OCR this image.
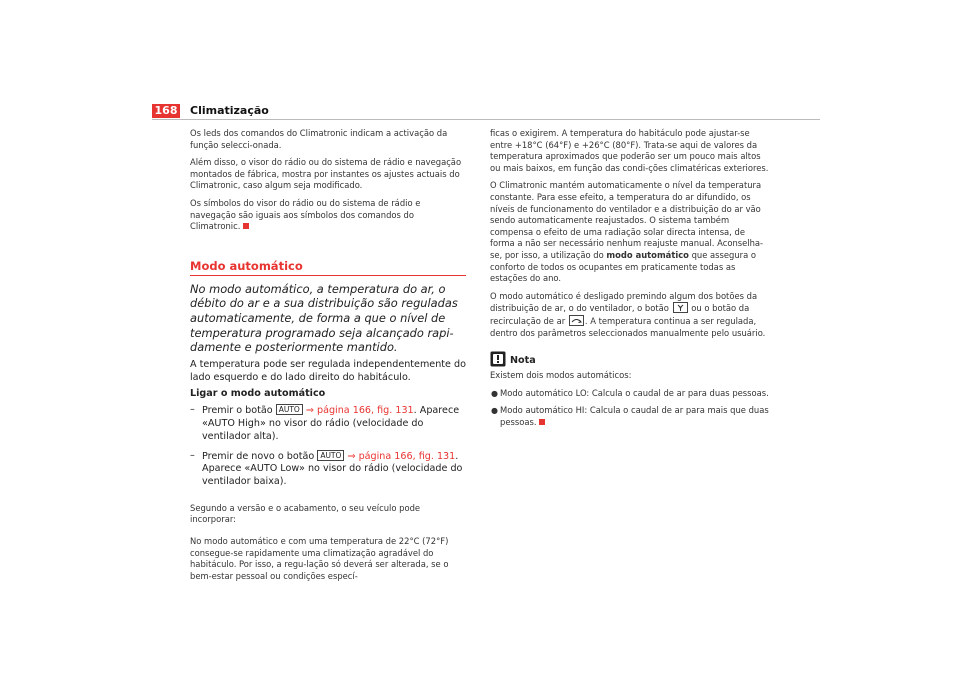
168 Climatização

Os leds dos comandos do Climatronic indicam a activação da função selecci-onada.

Além disso, o visor do rádio ou do sistema de rádio e navegação montados de fábrica, mostra por instantes os ajustes actuais do Climatronic, caso algum seja modificado.

Os símbolos do visor do rádio ou do sistema de rádio e navegação são iguais aos símbolos dos comandos do Climatronic.

Modo automático
No modo automático, a temperatura do ar, o débito do ar e a sua distribuição são reguladas automaticamente, de forma a que o nível de temperatura programado seja alcançado rapi-damente e posteriormente mantido.
A temperatura pode ser regulada independentemente do lado esquerdo e do lado direito do habitáculo.
Ligar o modo automático
– Premir o botão AUTO ⇒ página 166, fig. 131. Aparece «AUTO High» no visor do rádio (velocidade do ventilador alta).
– Premir de novo o botão AUTO ⇒ página 166, fig. 131. Aparece «AUTO Low» no visor do rádio (velocidade do ventilador baixa).

Segundo a versão e o acabamento, o seu veículo pode incorporar:

No modo automático e com uma temperatura de 22°C (72°F) consegue-se rapidamente uma climatização agradável do habitáculo. Por isso, a regu-lação só deverá ser alterada, se o bem-estar pessoal ou condições especí-

ficas o exigirem. A temperatura do habitáculo pode ajustar-se entre +18°C (64°F) e +26°C (80°F). Trata-se aqui de valores da temperatura aproximados que poderão ser um pouco mais altos ou mais baixos, em função das condi-ções climatéricas exteriores.

O Climatronic mantém automaticamente o nível da temperatura constante. Para esse efeito, a temperatura do ar difundido, os níveis de funcionamento do ventilador e a distribuição do ar vão sendo automaticamente reajustados. O sistema também compensa o efeito de uma radiação solar directa intensa, de forma a não ser necessário nenhum reajuste manual. Aconselha-se, por isso, a utilização do modo automático que assegura o conforto de todos os ocupantes em praticamente todas as estações do ano.

O modo automático é desligado premindo algum dos botões da distribuição de ar, o do ventilador, o botão	ou o botão da recirculação de ar . A temperatura continua a ser regulada, dentro dos parâmetros seleccionados manualmente pelo usuário.

Nota

Existem dois modos automáticos:

● Modo automático LO: Calcula o caudal de ar para duas pessoas.

● Modo automático HI: Calcula o caudal de ar para mais que duas pessoas.
